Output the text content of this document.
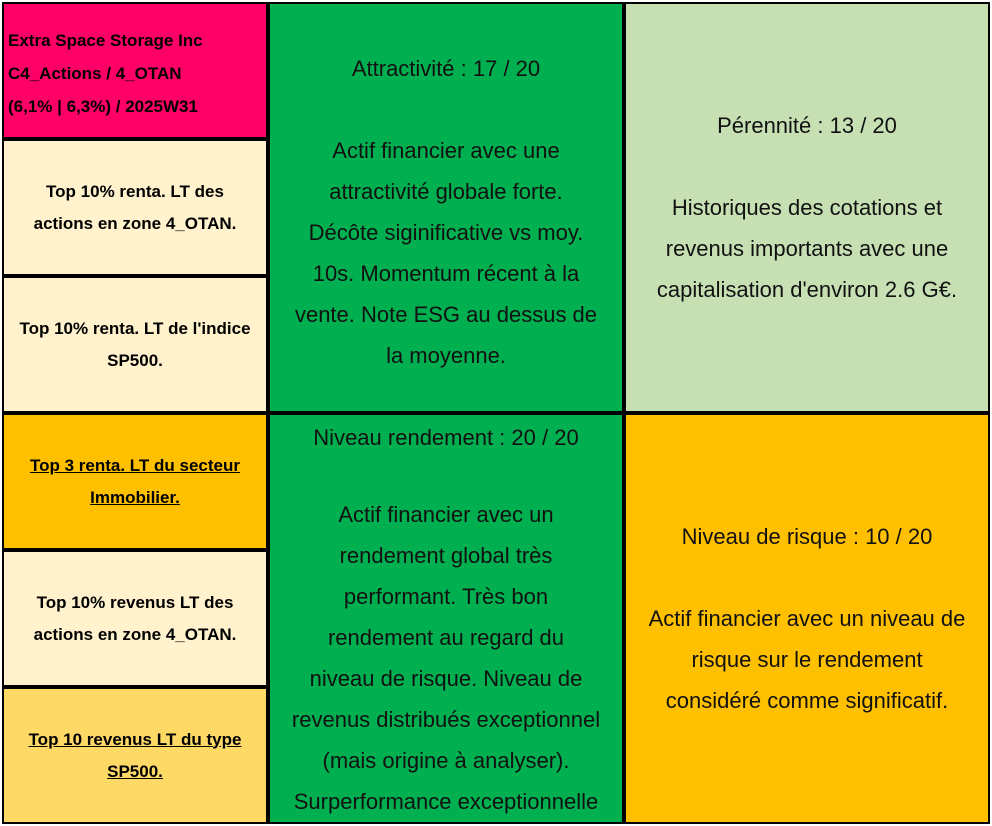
Extra Space Storage Inc
C4_Actions / 4_OTAN
(6,1% | 6,3%) / 2025W31
Top 10% renta. LT des
actions en zone 4_OTAN.
Top 10% renta. LT de l'indice
SP500.
Top 3 renta. LT du secteur
Immobilier.
Top 10% revenus LT des
actions en zone 4_OTAN.
Top 10 revenus LT du type
SP500.
Attractivité : 17 / 20
Actif financier avec une
attractivité globale forte.
Décôte siginificative vs moy.
10s. Momentum récent à la
vente. Note ESG au dessus de
la moyenne.
Pérennité : 13 / 20
Historiques des cotations et
revenus importants avec une
capitalisation d'environ 2.6 G€.
Niveau rendement : 20 / 20
Actif financier avec un
rendement global très
performant. Très bon
rendement au regard du
niveau de risque. Niveau de
revenus distribués exceptionnel
(mais origine à analyser).
Surperformance exceptionnelle
Niveau de risque : 10 / 20
Actif financier avec un niveau de
risque sur le rendement
considéré comme significatif.
